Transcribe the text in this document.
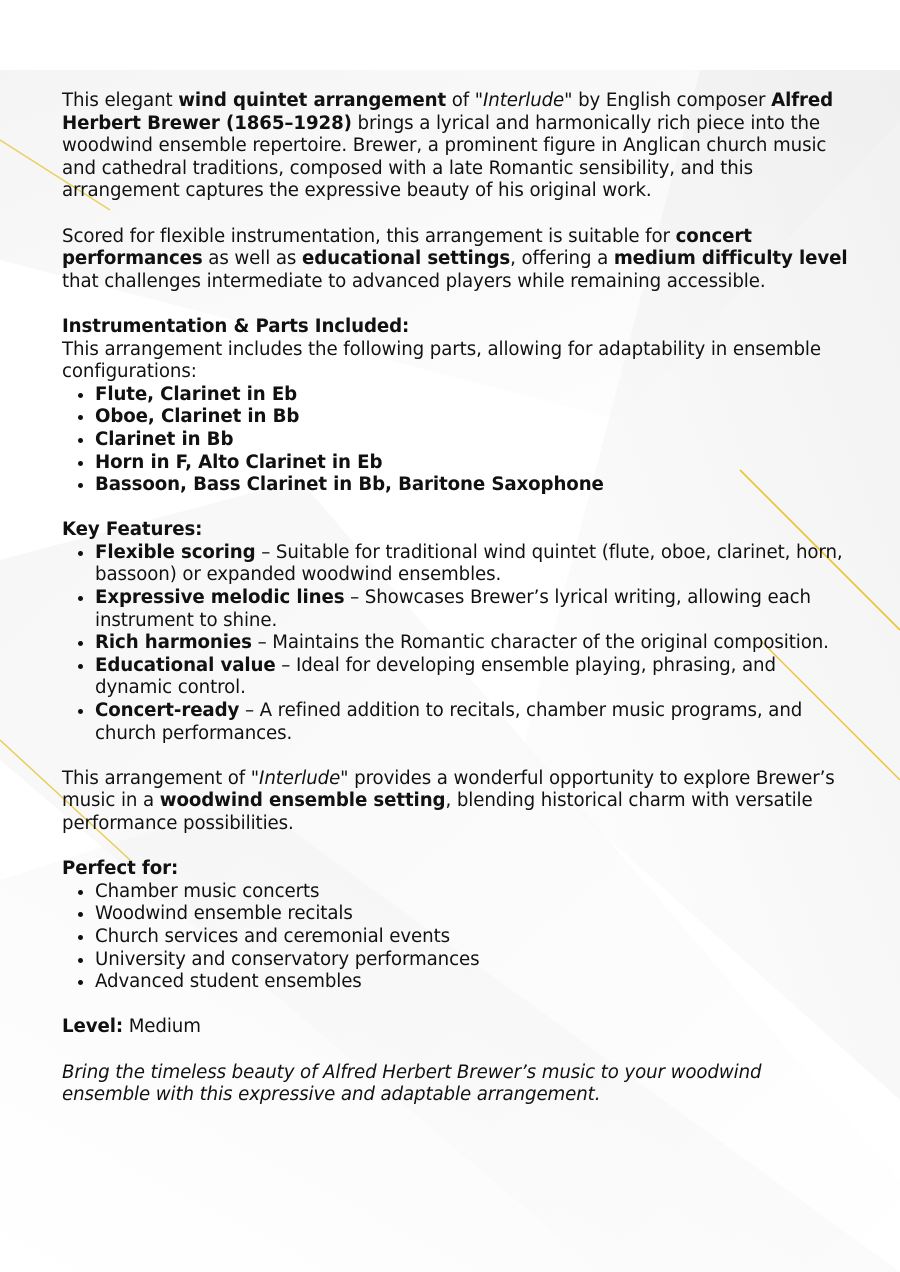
This elegant wind quintet arrangement of "Interlude" by English composer Alfred Herbert Brewer (1865–1928) brings a lyrical and harmonically rich piece into the woodwind ensemble repertoire. Brewer, a prominent figure in Anglican church music and cathedral traditions, composed with a late Romantic sensibility, and this arrangement captures the expressive beauty of his original work.

Scored for flexible instrumentation, this arrangement is suitable for concert performances as well as educational settings, offering a medium difficulty level that challenges intermediate to advanced players while remaining accessible.

Instrumentation & Parts Included:
This arrangement includes the following parts, allowing for adaptability in ensemble configurations:
• Flute, Clarinet in Eb
• Oboe, Clarinet in Bb
• Clarinet in Bb
• Horn in F, Alto Clarinet in Eb
• Bassoon, Bass Clarinet in Bb, Baritone Saxophone
Key Features:
• Flexible scoring – Suitable for traditional wind quintet (flute, oboe, clarinet, horn, bassoon) or expanded woodwind ensembles.
• Expressive melodic lines – Showcases Brewer’s lyrical writing, allowing each instrument to shine.
• Rich harmonies – Maintains the Romantic character of the original composition.
• Educational value – Ideal for developing ensemble playing, phrasing, and dynamic control.
• Concert-ready – A refined addition to recitals, chamber music programs, and church performances.

This arrangement of "Interlude" provides a wonderful opportunity to explore Brewer’s music in a woodwind ensemble setting, blending historical charm with versatile performance possibilities.

Perfect for:
• Chamber music concerts
• Woodwind ensemble recitals
• Church services and ceremonial events
• University and conservatory performances
• Advanced student ensembles

Level: Medium

Bring the timeless beauty of Alfred Herbert Brewer’s music to your woodwind ensemble with this expressive and adaptable arrangement.
